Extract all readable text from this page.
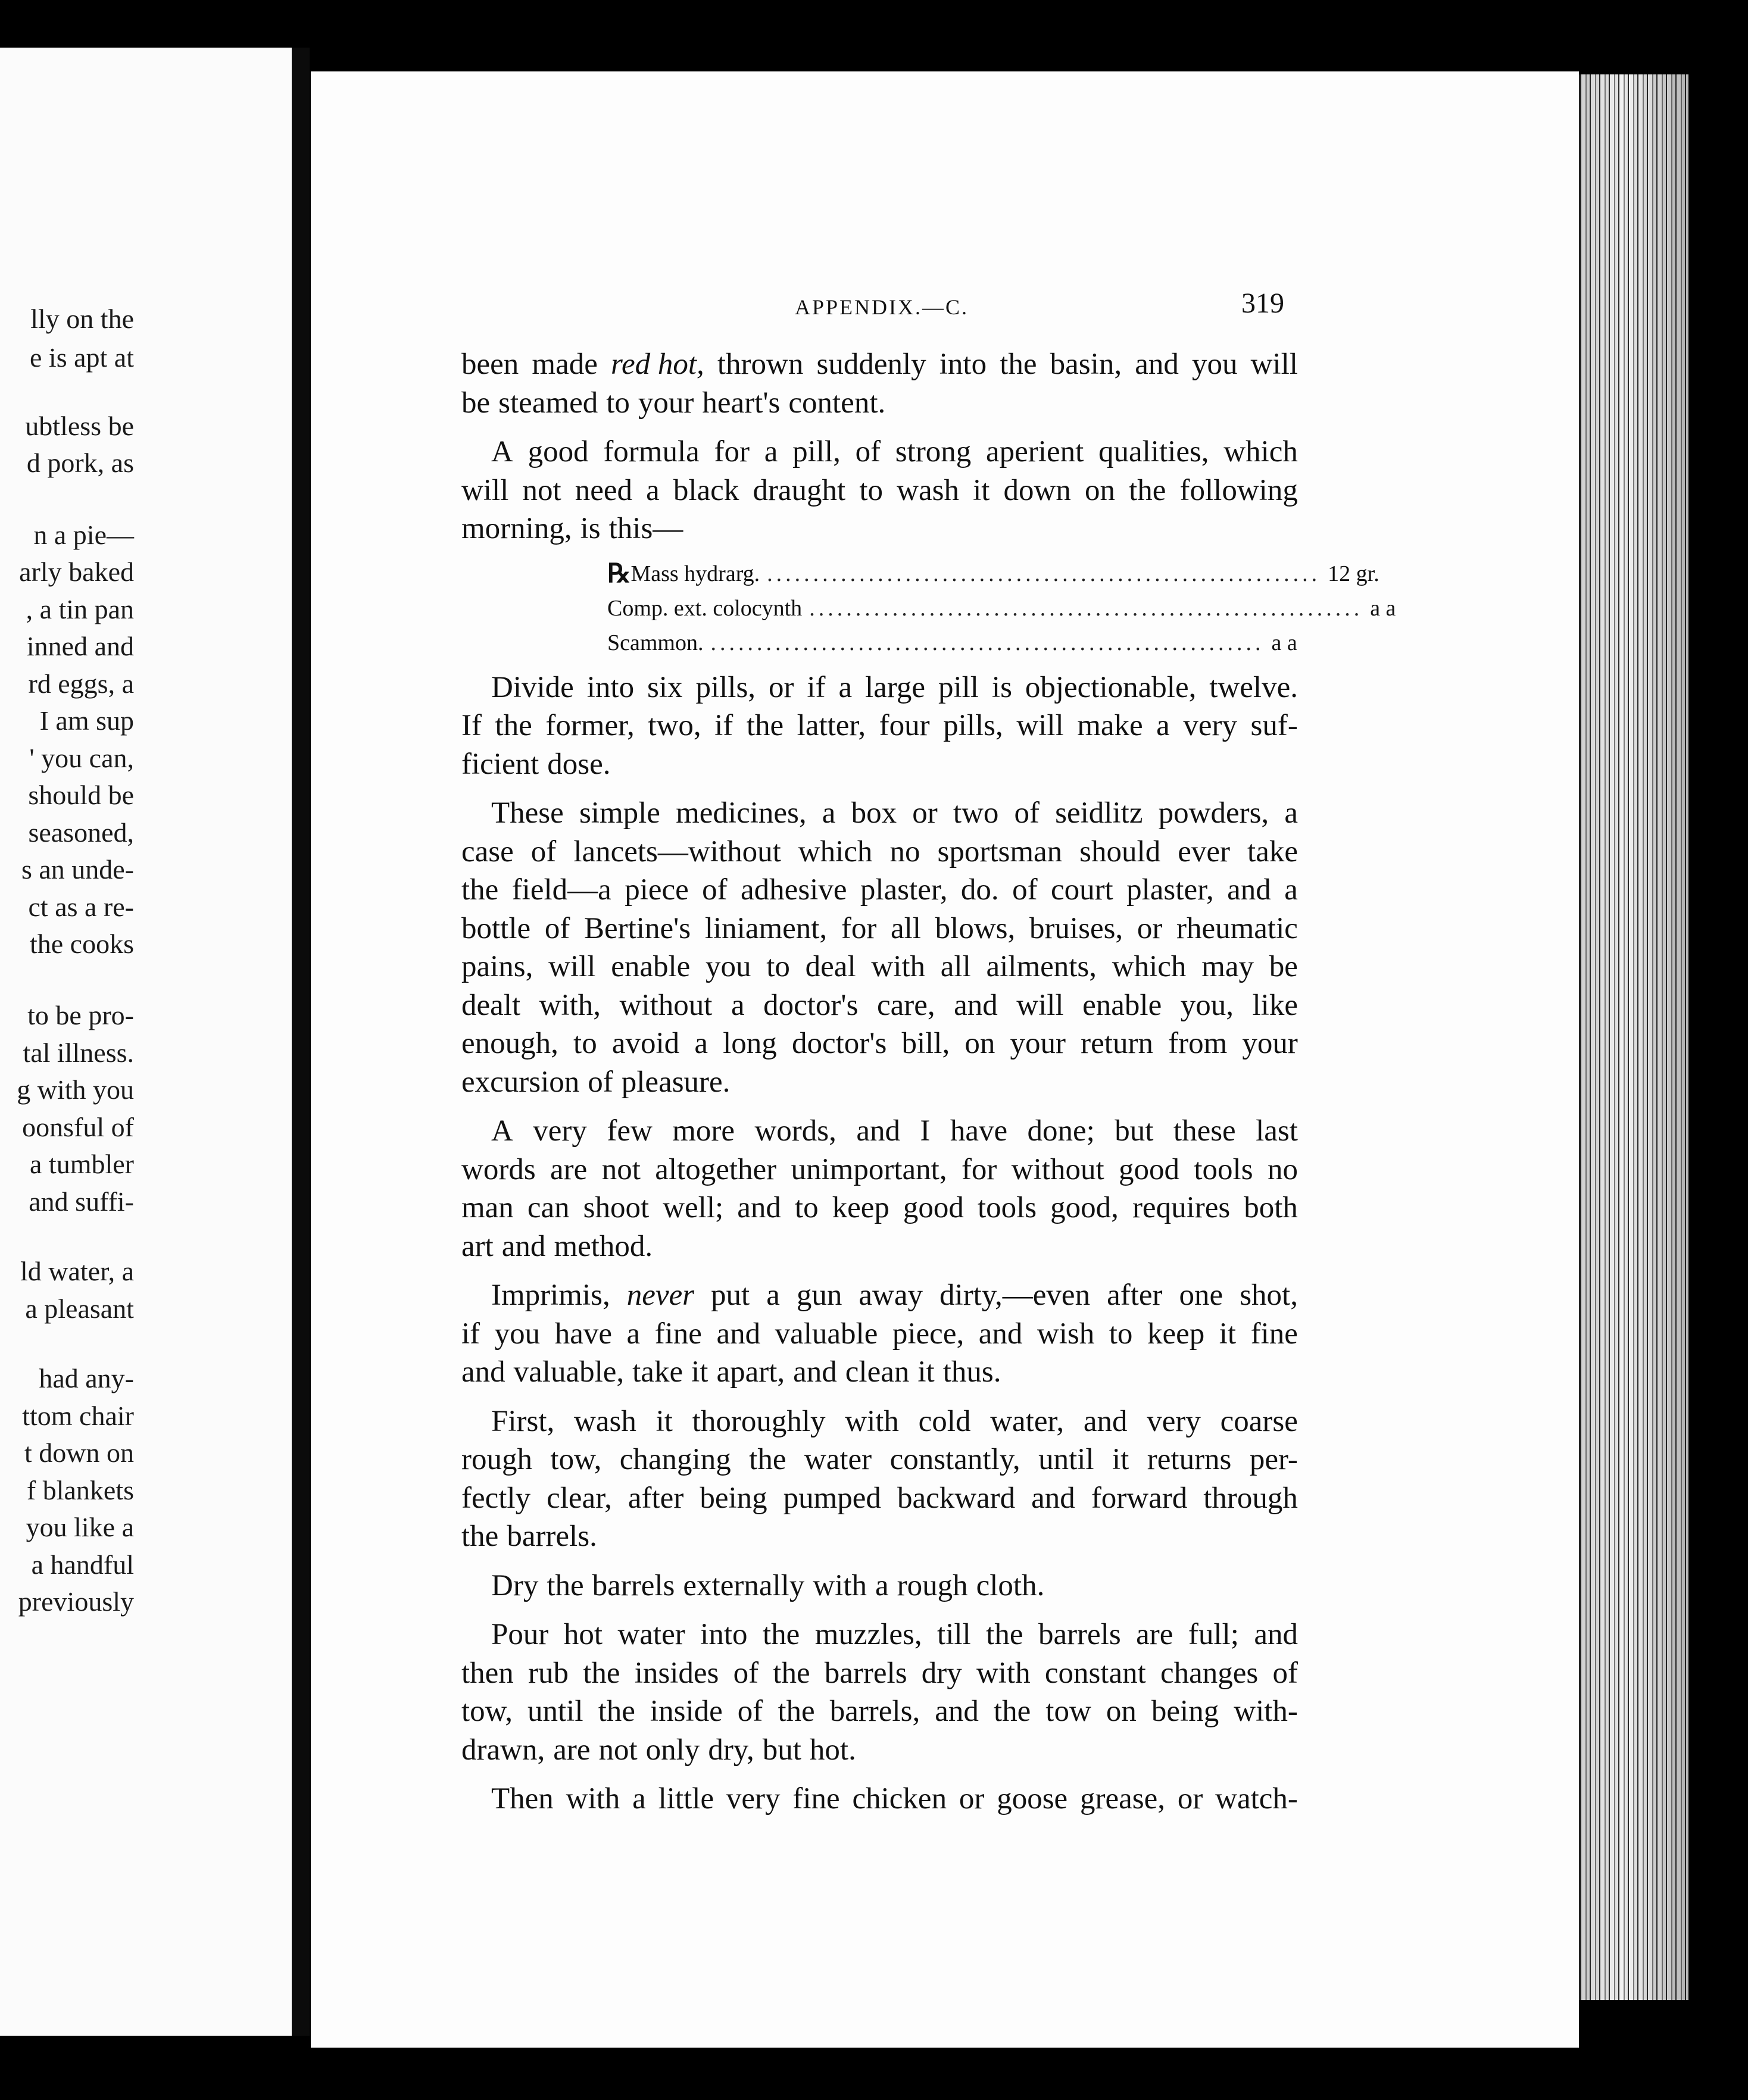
lly on the
e is apt at
ubtless be
d pork, as
n a pie—
arly baked
, a tin pan
inned and
rd eggs, a
I am sup
' you can,
should be
seasoned,
s an unde-
ct as a re-
the cooks
to be pro-
tal illness.
g with you
oonsful of
a tumbler
and suffi-
ld water, a
a pleasant
had any-
ttom chair
t down on
f blankets
you like a
a handful
previously
APPENDIX.—C.	319
been made red hot, thrown suddenly into the basin, and you will
be steamed to your heart's content.
A good formula for a pill, of strong aperient qualities, which
will not need a black draught to wash it down on the following
morning, is this—
℞ Mass hydrarg. ............................................................ 12 gr.
Comp. ext. colocynth ............................................................ a a
Scammon. ............................................................ a a
Divide into six pills, or if a large pill is objectionable, twelve.
If the former, two, if the latter, four pills, will make a very suf-
ficient dose.
These simple medicines, a box or two of seidlitz powders, a
case of lancets—without which no sportsman should ever take
the field—a piece of adhesive plaster, do. of court plaster, and a
bottle of Bertine's liniament, for all blows, bruises, or rheumatic
pains, will enable you to deal with all ailments, which may be
dealt with, without a doctor's care, and will enable you, like
enough, to avoid a long doctor's bill, on your return from your
excursion of pleasure.
A very few more words, and I have done; but these last
words are not altogether unimportant, for without good tools no
man can shoot well; and to keep good tools good, requires both
art and method.
Imprimis, never put a gun away dirty,—even after one shot,
if you have a fine and valuable piece, and wish to keep it fine
and valuable, take it apart, and clean it thus.
First, wash it thoroughly with cold water, and very coarse
rough tow, changing the water constantly, until it returns per-
fectly clear, after being pumped backward and forward through
the barrels.
Dry the barrels externally with a rough cloth.
Pour hot water into the muzzles, till the barrels are full; and
then rub the insides of the barrels dry with constant changes of
tow, until the inside of the barrels, and the tow on being with-
drawn, are not only dry, but hot.
Then with a little very fine chicken or goose grease, or watch-
